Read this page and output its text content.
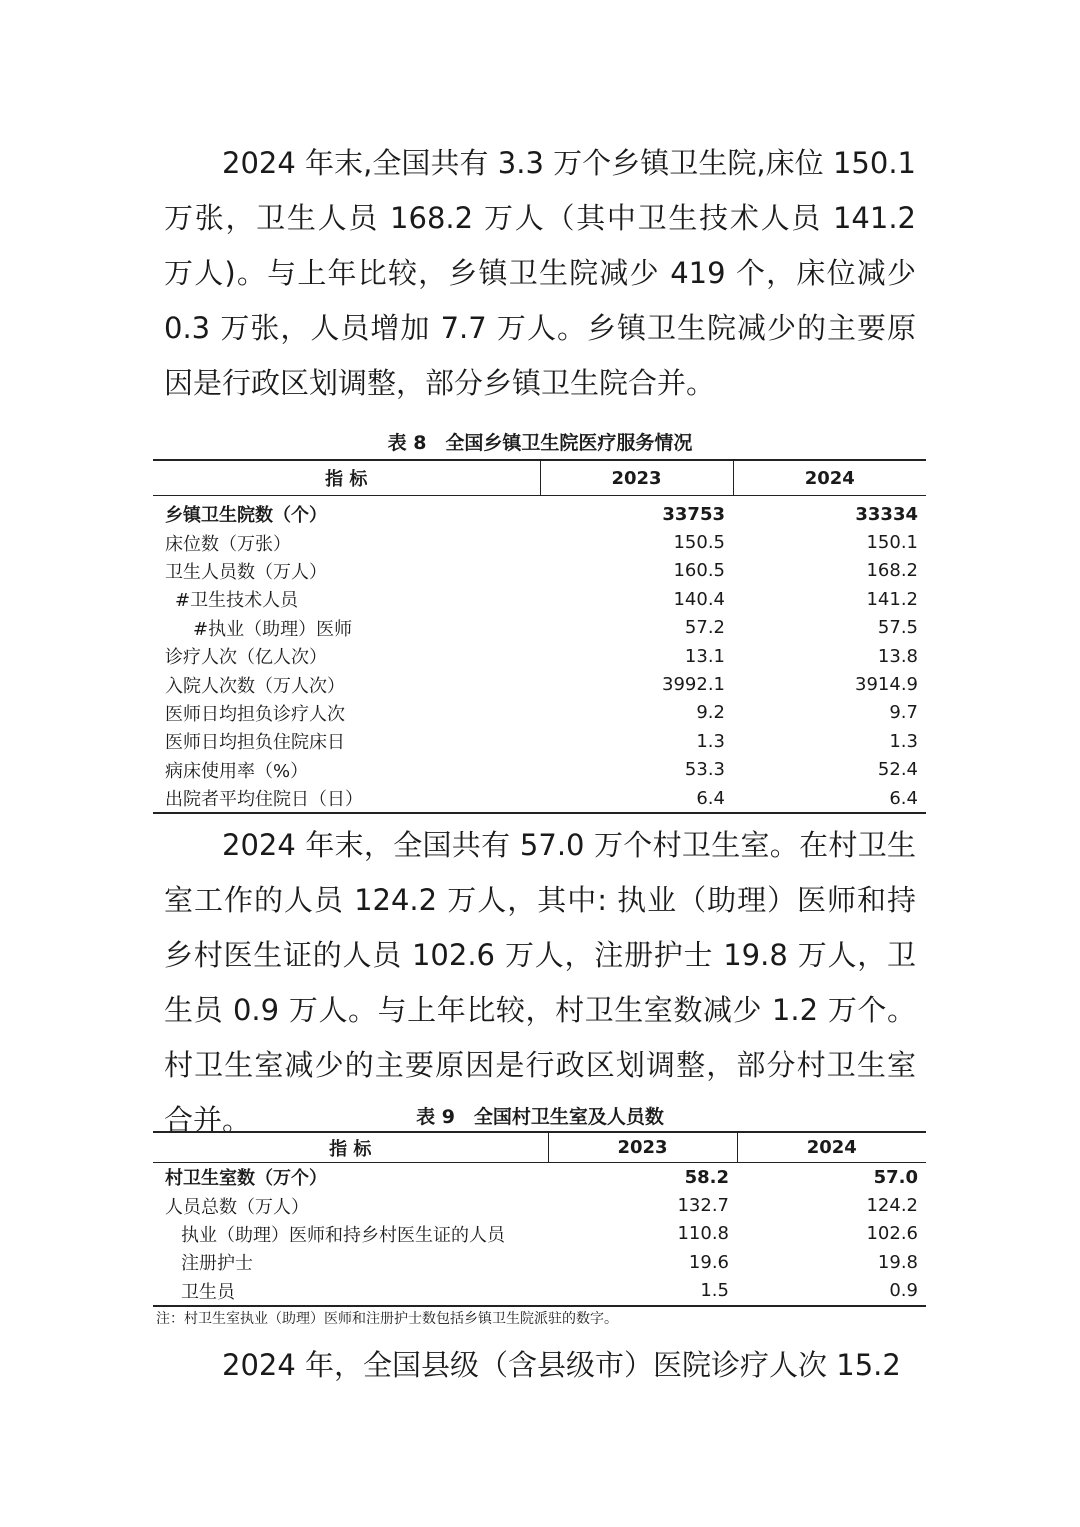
2024 年末,全国共有 3.3 万个乡镇卫生院,床位 150.1 万张，卫生人员 168.2 万人（其中卫生技术人员 141.2 万人)。与上年比较，乡镇卫生院减少 419 个，床位减少 0.3 万张，人员增加 7.7 万人。乡镇卫生院减少的主要原因是行政区划调整，部分乡镇卫生院合并。

表 8　全国乡镇卫生院医疗服务情况

指 标	2023	2024
乡镇卫生院数（个）	33753	33334
床位数（万张）	150.5	150.1
卫生人员数（万人）	160.5	168.2
#卫生技术人员	140.4	141.2
#执业（助理）医师	57.2	57.5
诊疗人次（亿人次）	13.1	13.8
入院人次数（万人次）	3992.1	3914.9
医师日均担负诊疗人次	9.2	9.7
医师日均担负住院床日	1.3	1.3
病床使用率（%）	53.3	52.4
出院者平均住院日（日）	6.4	6.4

2024 年末，全国共有 57.0 万个村卫生室。在村卫生室工作的人员 124.2 万人，其中: 执业（助理）医师和持乡村医生证的人员 102.6 万人，注册护士 19.8 万人，卫生员 0.9 万人。与上年比较，村卫生室数减少 1.2 万个。村卫生室减少的主要原因是行政区划调整，部分村卫生室合并。	表 9　全国村卫生室及人员数

指 标	2023	2024
村卫生室数（万个）	58.2	57.0
人员总数（万人）	132.7	124.2
执业（助理）医师和持乡村医生证的人员	110.8	102.6
注册护士	19.6	19.8
卫生员	1.5	0.9

注：村卫生室执业（助理）医师和注册护士数包括乡镇卫生院派驻的数字。

2024 年，全国县级（含县级市）医院诊疗人次 15.2
